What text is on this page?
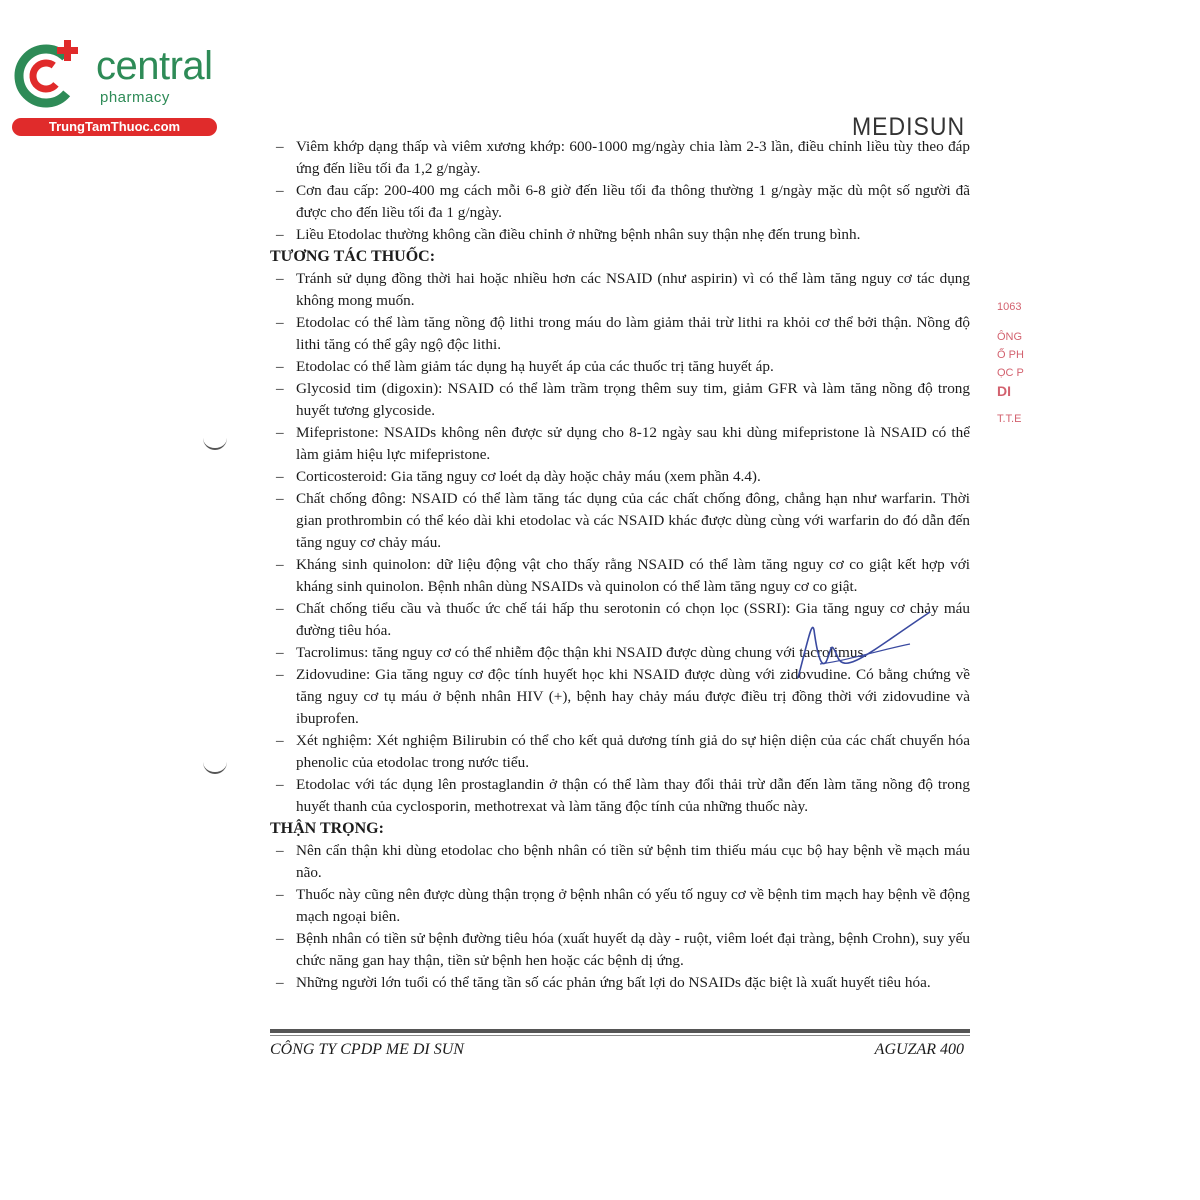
central
pharmacy
TrungTamThuoc.com	MEDISUN
1063
ÔNG
Ố PH
ỌC P
DI
T.T.E
– Viêm khớp dạng thấp và viêm xương khớp: 600-1000 mg/ngày chia làm 2-3 lần, điều chỉnh liều tùy theo đáp ứng đến liều tối đa 1,2 g/ngày.
– Cơn đau cấp: 200-400 mg cách mỗi 6-8 giờ đến liều tối đa thông thường 1 g/ngày mặc dù một số người đã được cho đến liều tối đa 1 g/ngày.
– Liều Etodolac thường không cần điều chỉnh ở những bệnh nhân suy thận nhẹ đến trung bình.
TƯƠNG TÁC THUỐC:
– Tránh sử dụng đồng thời hai hoặc nhiều hơn các NSAID (như aspirin) vì có thể làm tăng nguy cơ tác dụng không mong muốn.
– Etodolac có thể làm tăng nồng độ lithi trong máu do làm giảm thải trừ lithi ra khỏi cơ thể bởi thận. Nồng độ lithi tăng có thể gây ngộ độc lithi.
– Etodolac có thể làm giảm tác dụng hạ huyết áp của các thuốc trị tăng huyết áp.
– Glycosid tim (digoxin): NSAID có thể làm trầm trọng thêm suy tim, giảm GFR và làm tăng nồng độ trong huyết tương glycoside.
– Mifepristone: NSAIDs không nên được sử dụng cho 8-12 ngày sau khi dùng mifepristone là NSAID có thể làm giảm hiệu lực mifepristone.
– Corticosteroid: Gia tăng nguy cơ loét dạ dày hoặc chảy máu (xem phần 4.4).
– Chất chống đông: NSAID có thể làm tăng tác dụng của các chất chống đông, chẳng hạn như warfarin. Thời gian prothrombin có thể kéo dài khi etodolac và các NSAID khác được dùng cùng với warfarin do đó dẫn đến tăng nguy cơ chảy máu.
– Kháng sinh quinolon: dữ liệu động vật cho thấy rằng NSAID có thể làm tăng nguy cơ co giật kết hợp với kháng sinh quinolon. Bệnh nhân dùng NSAIDs và quinolon có thể làm tăng nguy cơ co giật.
– Chất chống tiểu cầu và thuốc ức chế tái hấp thu serotonin có chọn lọc (SSRI): Gia tăng nguy cơ chảy máu đường tiêu hóa.
– Tacrolimus: tăng nguy cơ có thể nhiễm độc thận khi NSAID được dùng chung với tacrolimus.
– Zidovudine: Gia tăng nguy cơ độc tính huyết học khi NSAID được dùng với zidovudine. Có bằng chứng về tăng nguy cơ tụ máu ở bệnh nhân HIV (+), bệnh hay chảy máu được điều trị đồng thời với zidovudine và ibuprofen.
– Xét nghiệm: Xét nghiệm Bilirubin có thể cho kết quả dương tính giả do sự hiện diện của các chất chuyển hóa phenolic của etodolac trong nước tiểu.
– Etodolac với tác dụng lên prostaglandin ở thận có thể làm thay đổi thải trừ dẫn đến làm tăng nồng độ trong huyết thanh của cyclosporin, methotrexat và làm tăng độc tính của những thuốc này.
THẬN TRỌNG:
– Nên cẩn thận khi dùng etodolac cho bệnh nhân có tiền sử bệnh tim thiếu máu cục bộ hay bệnh về mạch máu não.
– Thuốc này cũng nên được dùng thận trọng ở bệnh nhân có yếu tố nguy cơ về bệnh tim mạch hay bệnh về động mạch ngoại biên.
– Bệnh nhân có tiền sử bệnh đường tiêu hóa (xuất huyết dạ dày - ruột, viêm loét đại tràng, bệnh Crohn), suy yếu chức năng gan hay thận, tiền sử bệnh hen hoặc các bệnh dị ứng.
– Những người lớn tuổi có thể tăng tần số các phản ứng bất lợi do NSAIDs đặc biệt là xuất huyết tiêu hóa.
CÔNG TY CPDP ME DI SUN	AGUZAR 400
